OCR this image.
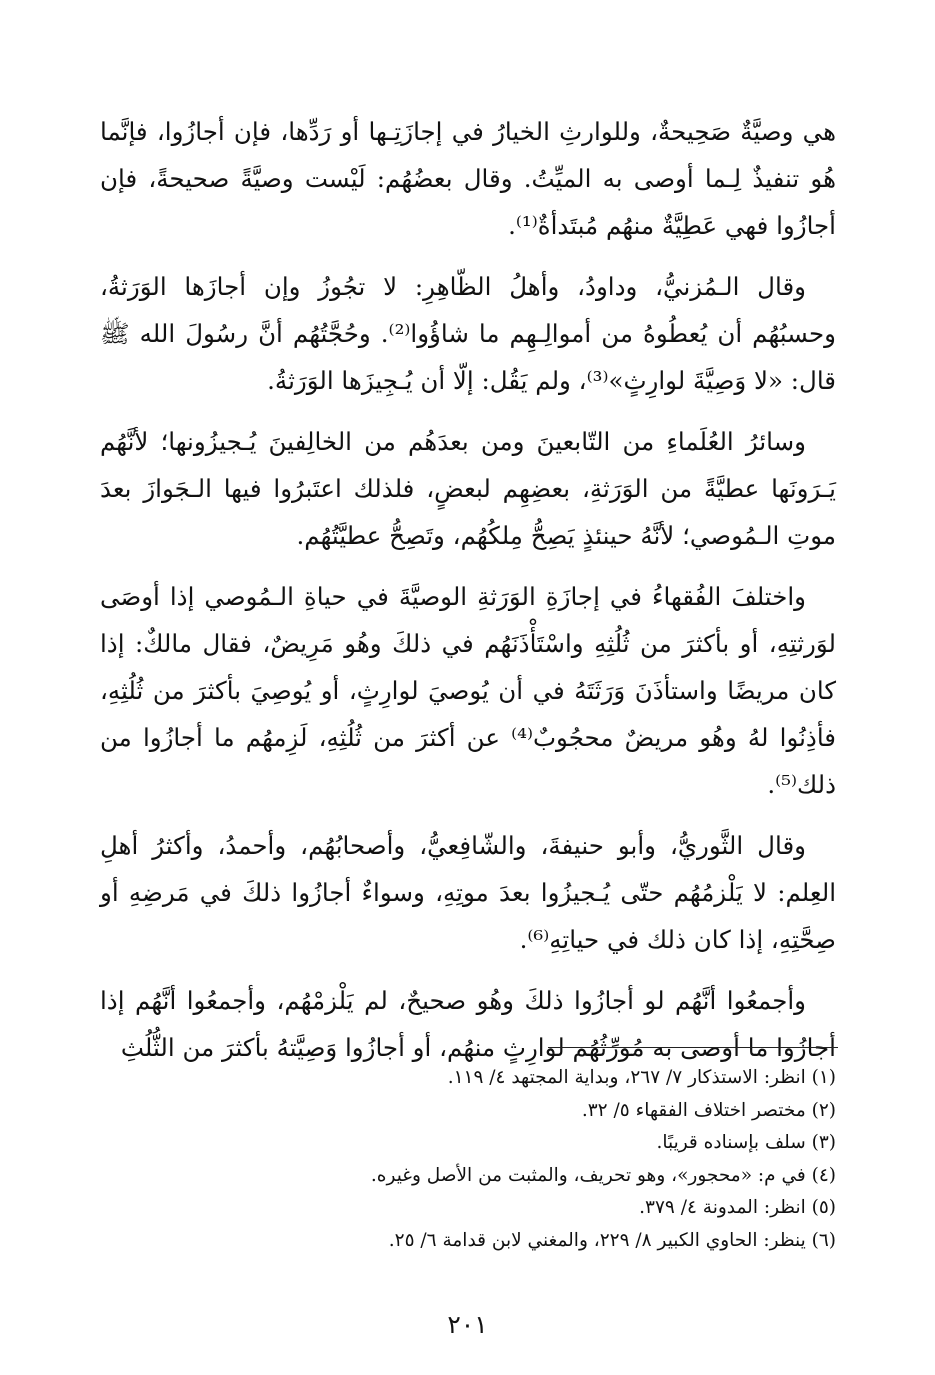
هي وصيَّةٌ صَحِيحةٌ، وللوارثِ الخيارُ في إجازَتِـها أو رَدِّها، فإن أجازُوا، فإنَّما هُو تنفيذٌ لِـما أوصى به الميِّتُ. وقال بعضُهُم: لَيْست وصيَّةً صحيحةً، فإن أجازُوا فهي عَطِيَّةٌ منهُم مُبتَدأةٌ⁽¹⁾.

وقال الـمُزنيُّ، وداودُ، وأهلُ الظّاهِرِ: لا تجُوزُ وإن أجازَها الوَرَثةُ، وحسبُهُم أن يُعطُوهُ من أموالِـهِم ما شاؤُوا⁽²⁾. وحُجَّتُهُم أنَّ رسُولَ الله ﷺ قال: «لا وَصِيَّةَ لوارِثٍ»⁽³⁾، ولم يَقُل: إلّا أن يُـجِيزَها الوَرَثةُ.

وسائرُ العُلَماءِ من التّابعينَ ومن بعدَهُم من الخالِفينَ يُـجيزُونها؛ لأنَّهُم يَـرَونَها عطيَّةً من الوَرَثةِ، بعضِهِم لبعضٍ، فلذلك اعتَبرُوا فيها الـجَوازَ بعدَ موتِ الـمُوصي؛ لأنَّهُ حينئذٍ يَصِحُّ مِلكُهُم، وتَصِحُّ عطيَّتُهُم.

واختلفَ الفُقهاءُ في إجازَةِ الوَرَثةِ الوصيَّةَ في حياةِ الـمُوصي إذا أوصَى لوَرثتِهِ، أو بأكثرَ من ثُلُثِهِ واسْتَأْذَنَهُم في ذلكَ وهُو مَرِيضٌ، فقال مالكٌ: إذا كان مريضًا واستأذَنَ وَرَثَتَهُ في أن يُوصيَ لوارِثٍ، أو يُوصِيَ بأكثرَ من ثُلُثِهِ، فأذِنُوا لهُ وهُو مريضٌ محجُوبٌ⁽⁴⁾ عن أكثرَ من ثُلُثِهِ، لَزِمهُم ما أجازُوا من ذلك⁽⁵⁾.

وقال الثَّوريُّ، وأبو حنيفةَ، والشّافِعيُّ، وأصحابُهُم، وأحمدُ، وأكثرُ أهلِ العِلم: لا يَلْزمُهُم حتّى يُـجيزُوا بعدَ موتِهِ، وسواءٌ أجازُوا ذلكَ في مَرضِهِ أو صِحَّتِهِ، إذا كان ذلك في حياتِهِ⁽⁶⁾.

وأجمعُوا أنَّهُم لو أجازُوا ذلكَ وهُو صحيحٌ، لم يَلْزمْهُم، وأجمعُوا أنَّهُم إذا أجازُوا ما أوصى به مُورِّثُهُم لوارِثٍ منهُم، أو أجازُوا وَصِيَّتهُ بأكثرَ من الثُّلُثِ

(١) انظر: الاستذكار ٧/ ٢٦٧، وبداية المجتهد ٤/ ١١٩.
(٢) مختصر اختلاف الفقهاء ٥/ ٣٢.
(٣) سلف بإسناده قريبًا.
(٤) في م: «محجور»، وهو تحريف، والمثبت من الأصل وغيره.
(٥) انظر: المدونة ٤/ ٣٧٩.
(٦) ينظر: الحاوي الكبير ٨/ ٢٢٩، والمغني لابن قدامة ٦/ ٢٥.
٢٠١
